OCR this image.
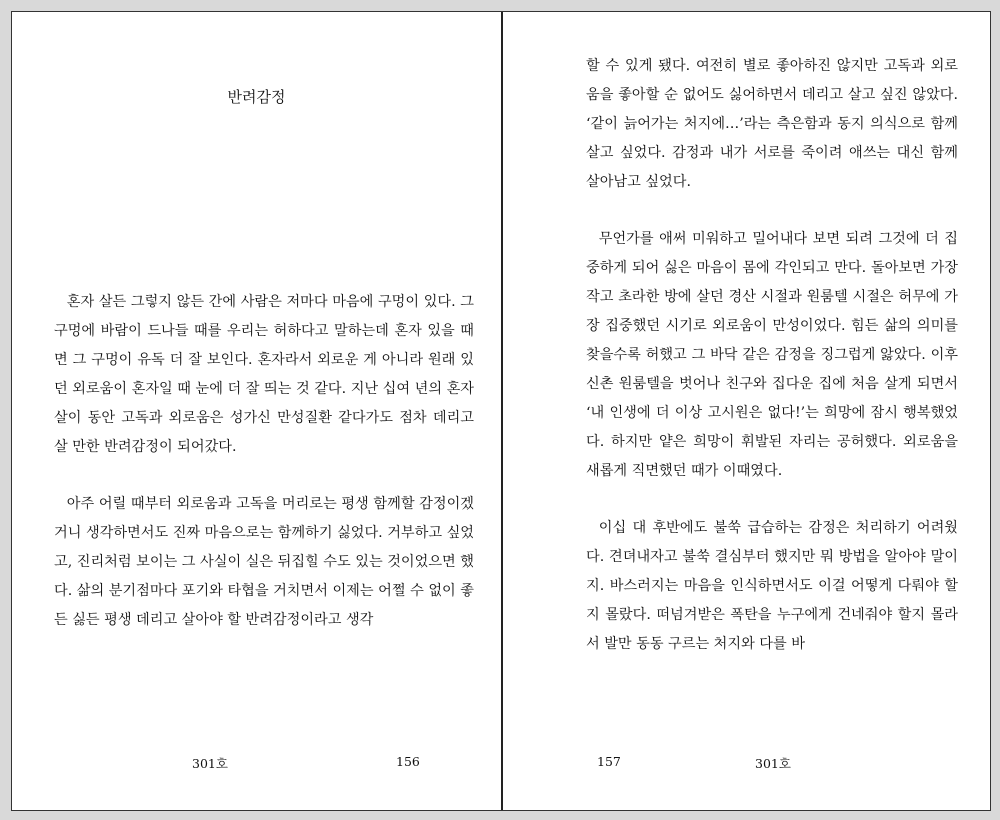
반려감정

혼자 살든 그렇지 않든 간에 사람은 저마다 마음에 구멍이 있다. 그 구멍에 바람이 드나들 때를 우리는 허하다고 말하는데 혼자 있을 때면 그 구멍이 유독 더 잘 보인다. 혼자라서 외로운 게 아니라 원래 있던 외로움이 혼자일 때 눈에 더 잘 띄는 것 같다. 지난 십여 년의 혼자 살이 동안 고독과 외로움은 성가신 만성질환 같다가도 점차 데리고 살 만한 반려감정이 되어갔다.

아주 어릴 때부터 외로움과 고독을 머리로는 평생 함께할 감정이겠거니 생각하면서도 진짜 마음으로는 함께하기 싫었다. 거부하고 싶었고, 진리처럼 보이는 그 사실이 실은 뒤집힐 수도 있는 것이었으면 했다. 삶의 분기점마다 포기와 타협을 거치면서 이제는 어쩔 수 없이 좋든 싫든 평생 데리고 살아야 할 반려감정이라고 생각

301호	156

할 수 있게 됐다. 여전히 별로 좋아하진 않지만 고독과 외로움을 좋아할 순 없어도 싫어하면서 데리고 살고 싶진 않았다. ‘같이 늙어가는 처지에…’라는 측은함과 동지 의식으로 함께 살고 싶었다. 감정과 내가 서로를 죽이려 애쓰는 대신 함께 살아남고 싶었다.

무언가를 애써 미워하고 밀어내다 보면 되려 그것에 더 집중하게 되어 싫은 마음이 몸에 각인되고 만다. 돌아보면 가장 작고 초라한 방에 살던 경산 시절과 원룸텔 시절은 허무에 가장 집중했던 시기로 외로움이 만성이었다. 힘든 삶의 의미를 찾을수록 허했고 그 바닥 같은 감정을 징그럽게 앓았다. 이후 신촌 원룸텔을 벗어나 친구와 집다운 집에 처음 살게 되면서 ‘내 인생에 더 이상 고시원은 없다!’는 희망에 잠시 행복했었다. 하지만 얕은 희망이 휘발된 자리는 공허했다. 외로움을 새롭게 직면했던 때가 이때였다.

이십 대 후반에도 불쑥 급습하는 감정은 처리하기 어려웠다. 견뎌내자고 불쑥 결심부터 했지만 뭐 방법을 알아야 말이지. 바스러지는 마음을 인식하면서도 이걸 어떻게 다뤄야 할지 몰랐다. 떠넘겨받은 폭탄을 누구에게 건네줘야 할지 몰라서 발만 동동 구르는 처지와 다를 바

157	301호
